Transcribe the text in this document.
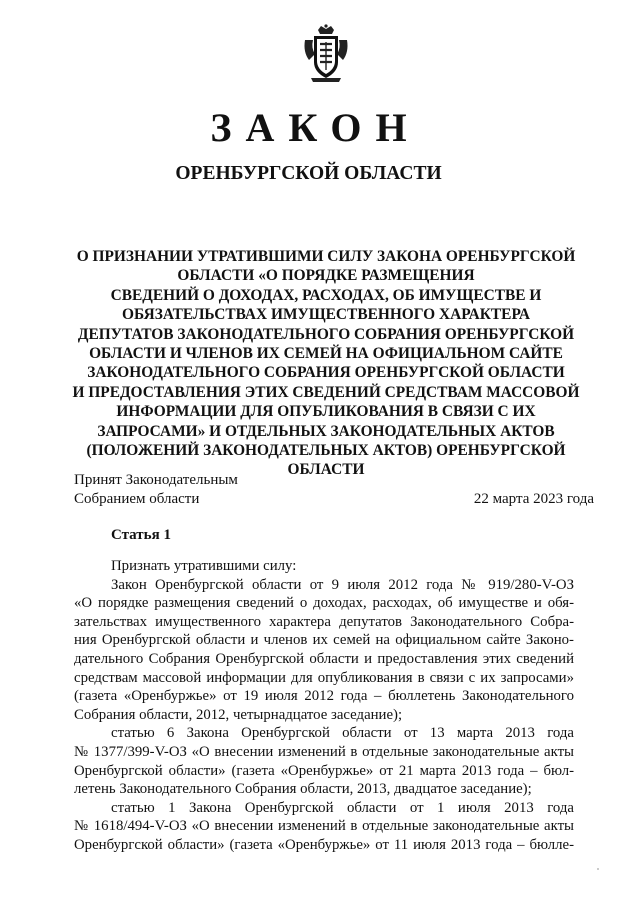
ЗАКОН
ОРЕНБУРГСКОЙ ОБЛАСТИ
О ПРИЗНАНИИ УТРАТИВШИМИ СИЛУ ЗАКОНА ОРЕНБУРГСКОЙ
ОБЛАСТИ «О ПОРЯДКЕ РАЗМЕЩЕНИЯ
СВЕДЕНИЙ О ДОХОДАХ, РАСХОДАХ, ОБ ИМУЩЕСТВЕ И
ОБЯЗАТЕЛЬСТВАХ ИМУЩЕСТВЕННОГО ХАРАКТЕРА
ДЕПУТАТОВ ЗАКОНОДАТЕЛЬНОГО СОБРАНИЯ ОРЕНБУРГСКОЙ
ОБЛАСТИ И ЧЛЕНОВ ИХ СЕМЕЙ НА ОФИЦИАЛЬНОМ САЙТЕ
ЗАКОНОДАТЕЛЬНОГО СОБРАНИЯ ОРЕНБУРГСКОЙ ОБЛАСТИ
И ПРЕДОСТАВЛЕНИЯ ЭТИХ СВЕДЕНИЙ СРЕДСТВАМ МАССОВОЙ
ИНФОРМАЦИИ ДЛЯ ОПУБЛИКОВАНИЯ В СВЯЗИ С ИХ
ЗАПРОСАМИ» И ОТДЕЛЬНЫХ ЗАКОНОДАТЕЛЬНЫХ АКТОВ
(ПОЛОЖЕНИЙ ЗАКОНОДАТЕЛЬНЫХ АКТОВ) ОРЕНБУРГСКОЙ
ОБЛАСТИ
Принят Законодательным
Собранием области	22 марта 2023 года
Статья 1
Признать утратившими силу:
Закон Оренбургской области от 9 июля 2012 года № 919/280-V-ОЗ
«О порядке размещения сведений о доходах, расходах, об имуществе и обя-
зательствах имущественного характера депутатов Законодательного Собра-
ния Оренбургской области и членов их семей на официальном сайте Законо-
дательного Собрания Оренбургской области и предоставления этих сведений
средствам массовой информации для опубликования в связи с их запросами»
(газета «Оренбуржье» от 19 июля 2012 года – бюллетень Законодательного
Собрания области, 2012, четырнадцатое заседание);
статью 6 Закона Оренбургской области от 13 марта 2013 года
№ 1377/399-V-ОЗ «О внесении изменений в отдельные законодательные акты
Оренбургской области» (газета «Оренбуржье» от 21 марта 2013 года – бюл-
летень Законодательного Собрания области, 2013, двадцатое заседание);
статью 1 Закона Оренбургской области от 1 июля 2013 года
№ 1618/494-V-ОЗ «О внесении изменений в отдельные законодательные акты
Оренбургской области» (газета «Оренбуржье» от 11 июля 2013 года – бюлле-
